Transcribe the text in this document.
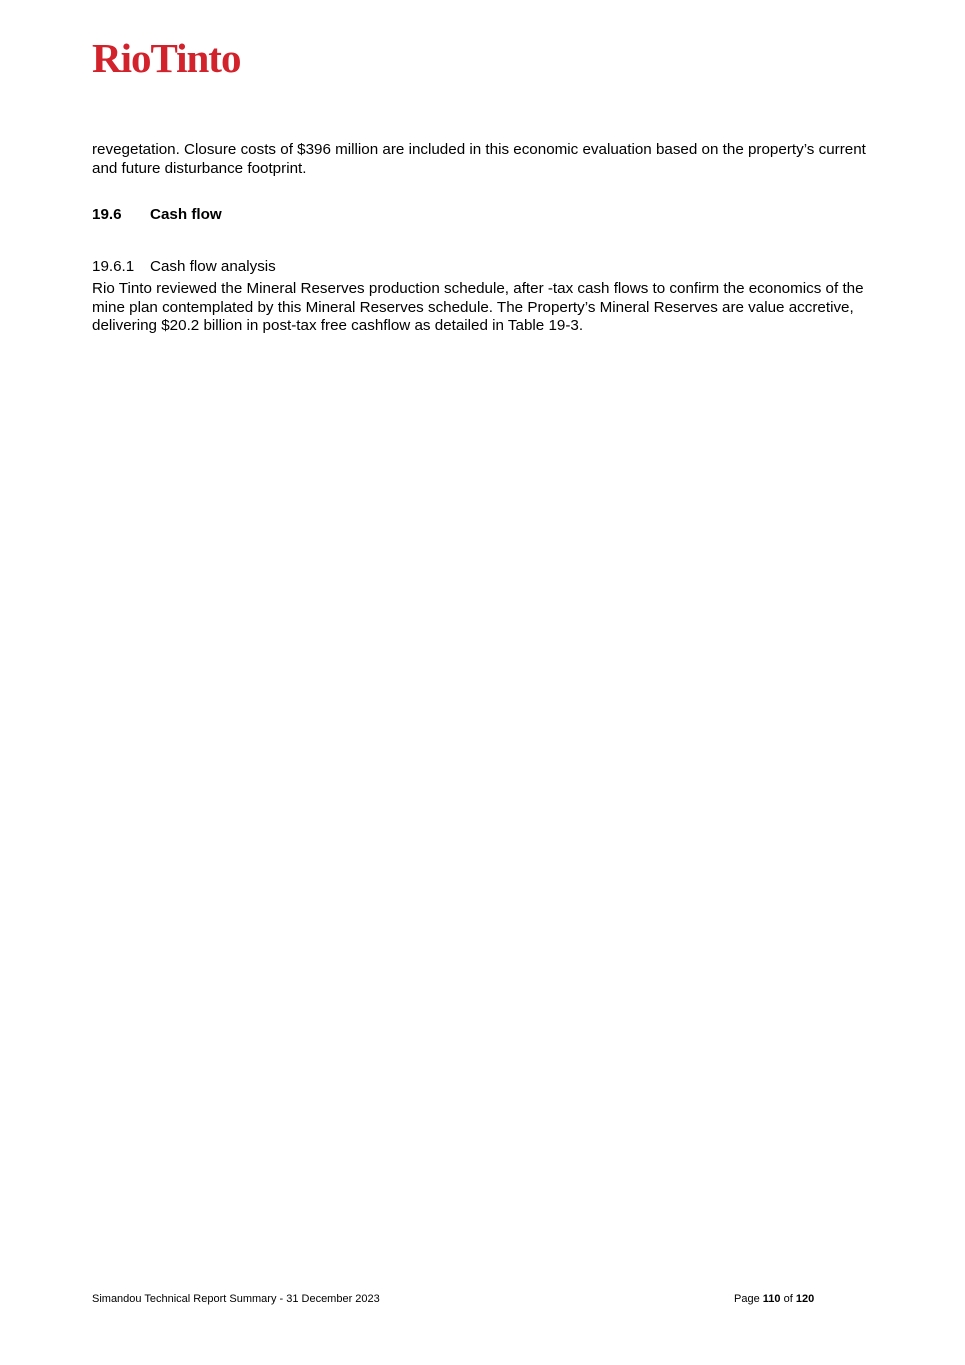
RioTinto

revegetation. Closure costs of $396 million are included in this economic evaluation based on the property’s current and future disturbance footprint.

19.6	Cash flow
19.6.1	Cash flow analysis

Rio Tinto reviewed the Mineral Reserves production schedule, after -tax cash flows to confirm the economics of the mine plan contemplated by this Mineral Reserves schedule. The Property’s Mineral Reserves are value accretive, delivering $20.2 billion in post-tax free cashflow as detailed in Table 19-3.

Simandou Technical Report Summary - 31 December 2023	Page 110 of 120
